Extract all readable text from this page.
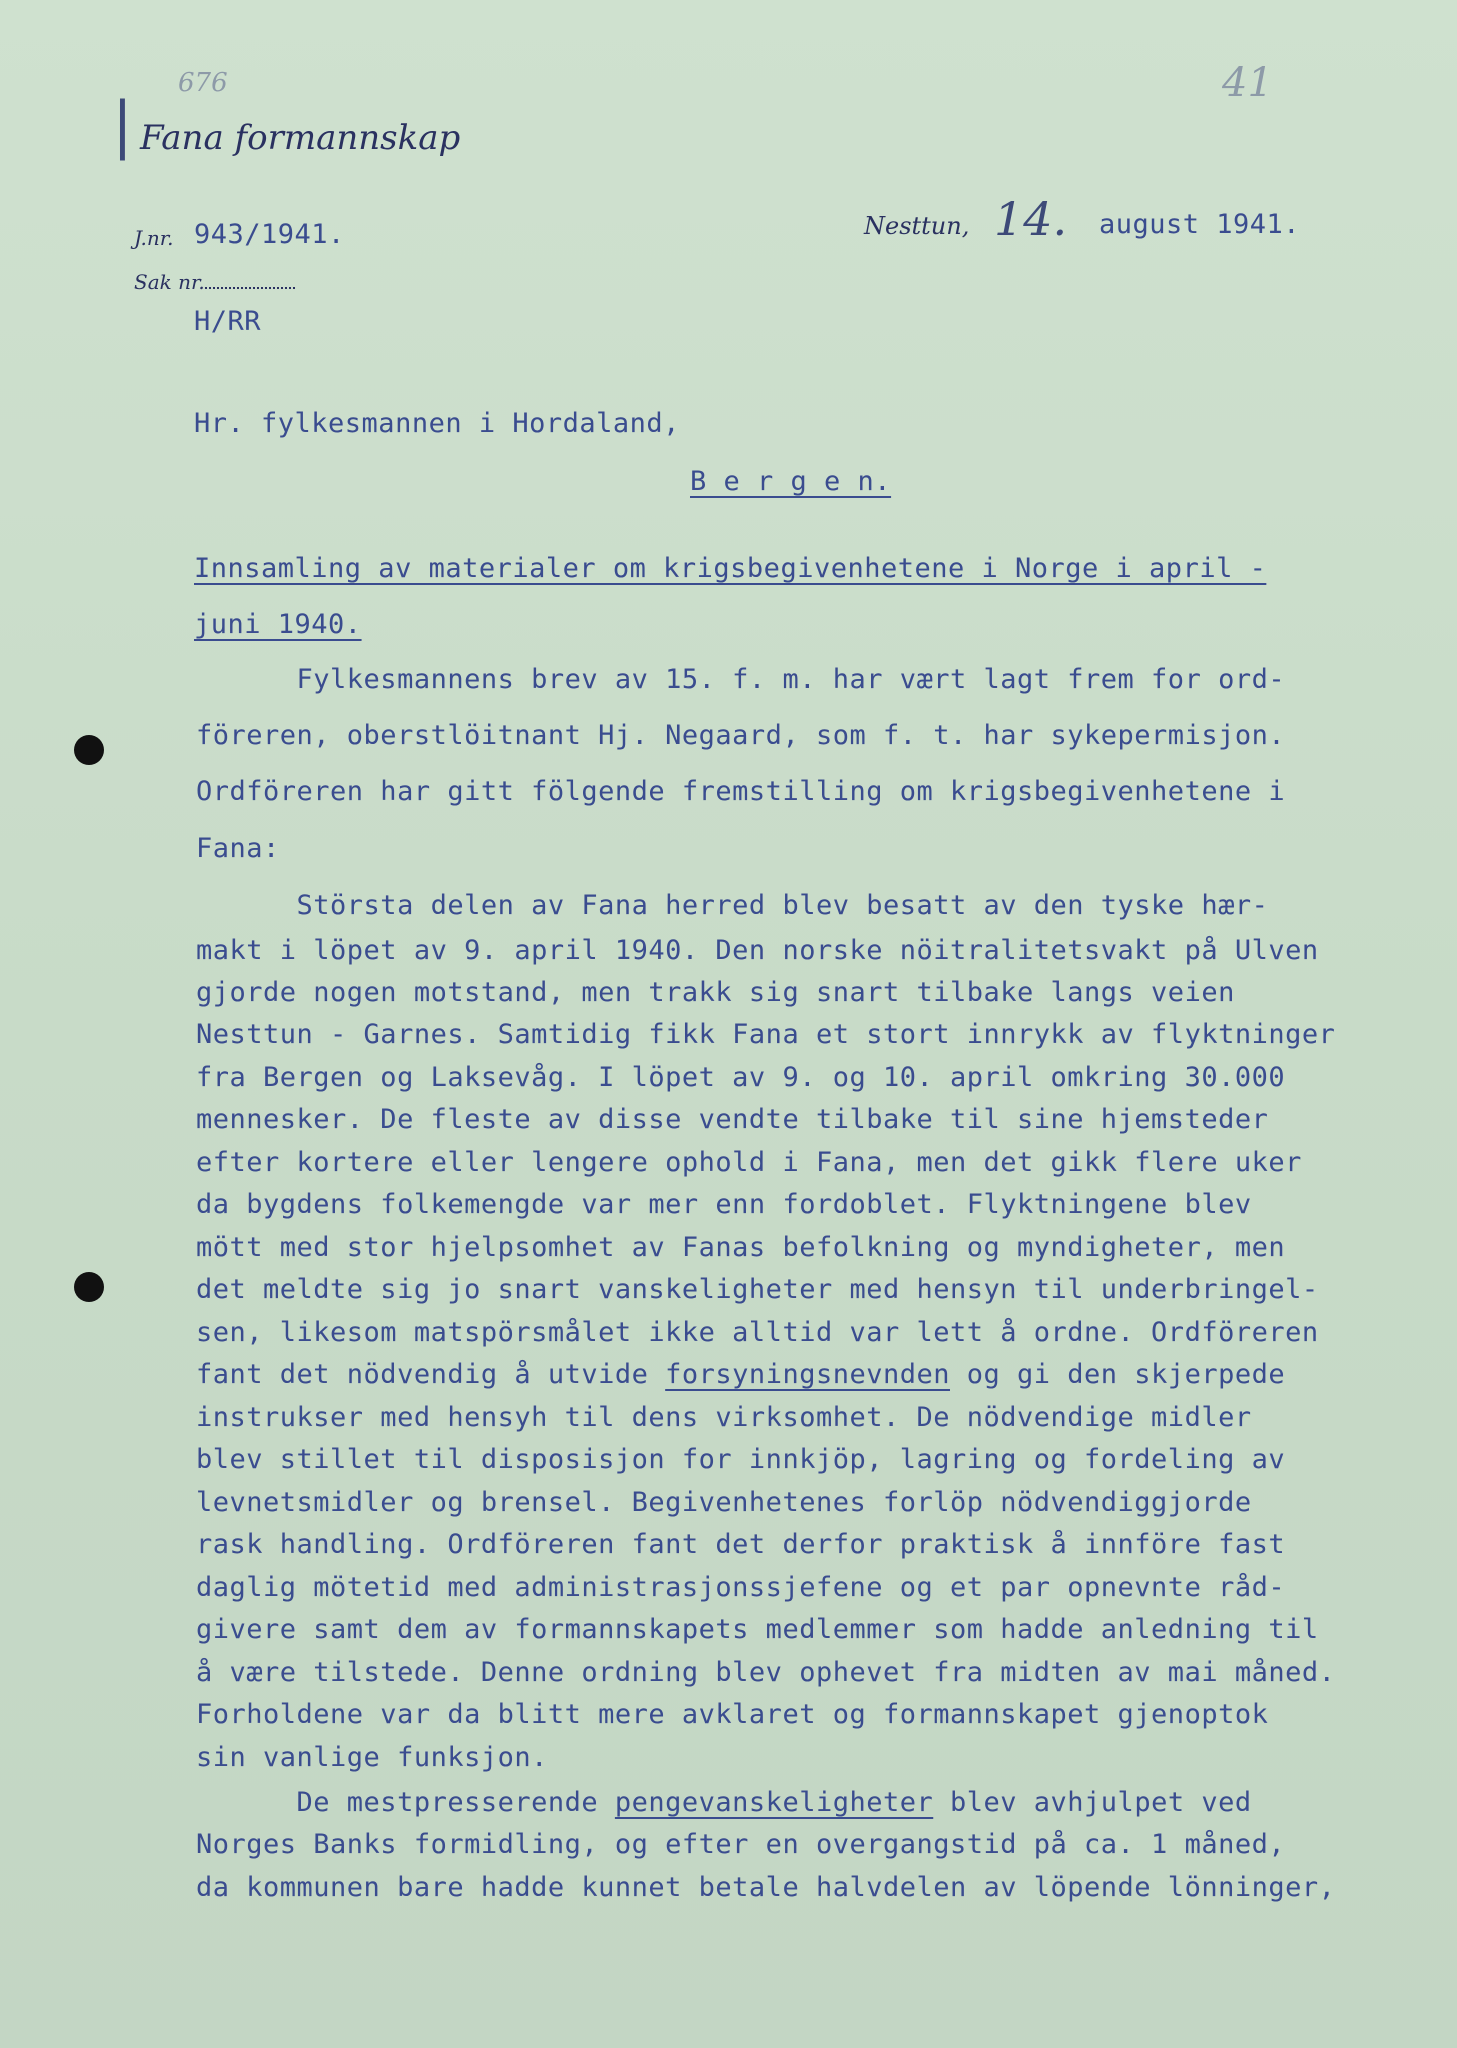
|
676	41
Fana formannskap
J.nr. 943/1941.
Sak nr.
H/RR
Nesttun, 14. august 1941.
Hr. fylkesmannen i Hordaland,
B e r g e n.
Innsamling av materialer om krigsbegivenhetene i Norge i april -
juni 1940.
Fylkesmannens brev av 15. f. m. har vært lagt frem for ord-
föreren, oberstlöitnant Hj. Negaard, som f. t. har sykepermisjon.
Ordföreren har gitt fölgende fremstilling om krigsbegivenhetene i
Fana:
Största delen av Fana herred blev besatt av den tyske hær-
makt i löpet av 9. april 1940. Den norske nöitralitetsvakt på Ulven
gjorde nogen motstand, men trakk sig snart tilbake langs veien
Nesttun - Garnes. Samtidig fikk Fana et stort innrykk av flyktninger
fra Bergen og Laksevåg. I löpet av 9. og 10. april omkring 30.000
mennesker. De fleste av disse vendte tilbake til sine hjemsteder
efter kortere eller lengere ophold i Fana, men det gikk flere uker
da bygdens folkemengde var mer enn fordoblet. Flyktningene blev
mött med stor hjelpsomhet av Fanas befolkning og myndigheter, men
det meldte sig jo snart vanskeligheter med hensyn til underbringel-
sen, likesom matspörsmålet ikke alltid var lett å ordne. Ordföreren
fant det nödvendig å utvide forsyningsnevnden og gi den skjerpede
instrukser med hensyh til dens virksomhet. De nödvendige midler
blev stillet til disposisjon for innkjöp, lagring og fordeling av
levnetsmidler og brensel. Begivenhetenes forlöp nödvendiggjorde
rask handling. Ordföreren fant det derfor praktisk å innföre fast
daglig mötetid med administrasjonssjefene og et par opnevnte råd-
givere samt dem av formannskapets medlemmer som hadde anledning til
å være tilstede. Denne ordning blev ophevet fra midten av mai måned.
Forholdene var da blitt mere avklaret og formannskapet gjenoptok
sin vanlige funksjon.
De mestpresserende pengevanskeligheter blev avhjulpet ved
Norges Banks formidling, og efter en overgangstid på ca. 1 måned,
da kommunen bare hadde kunnet betale halvdelen av löpende lönninger,
